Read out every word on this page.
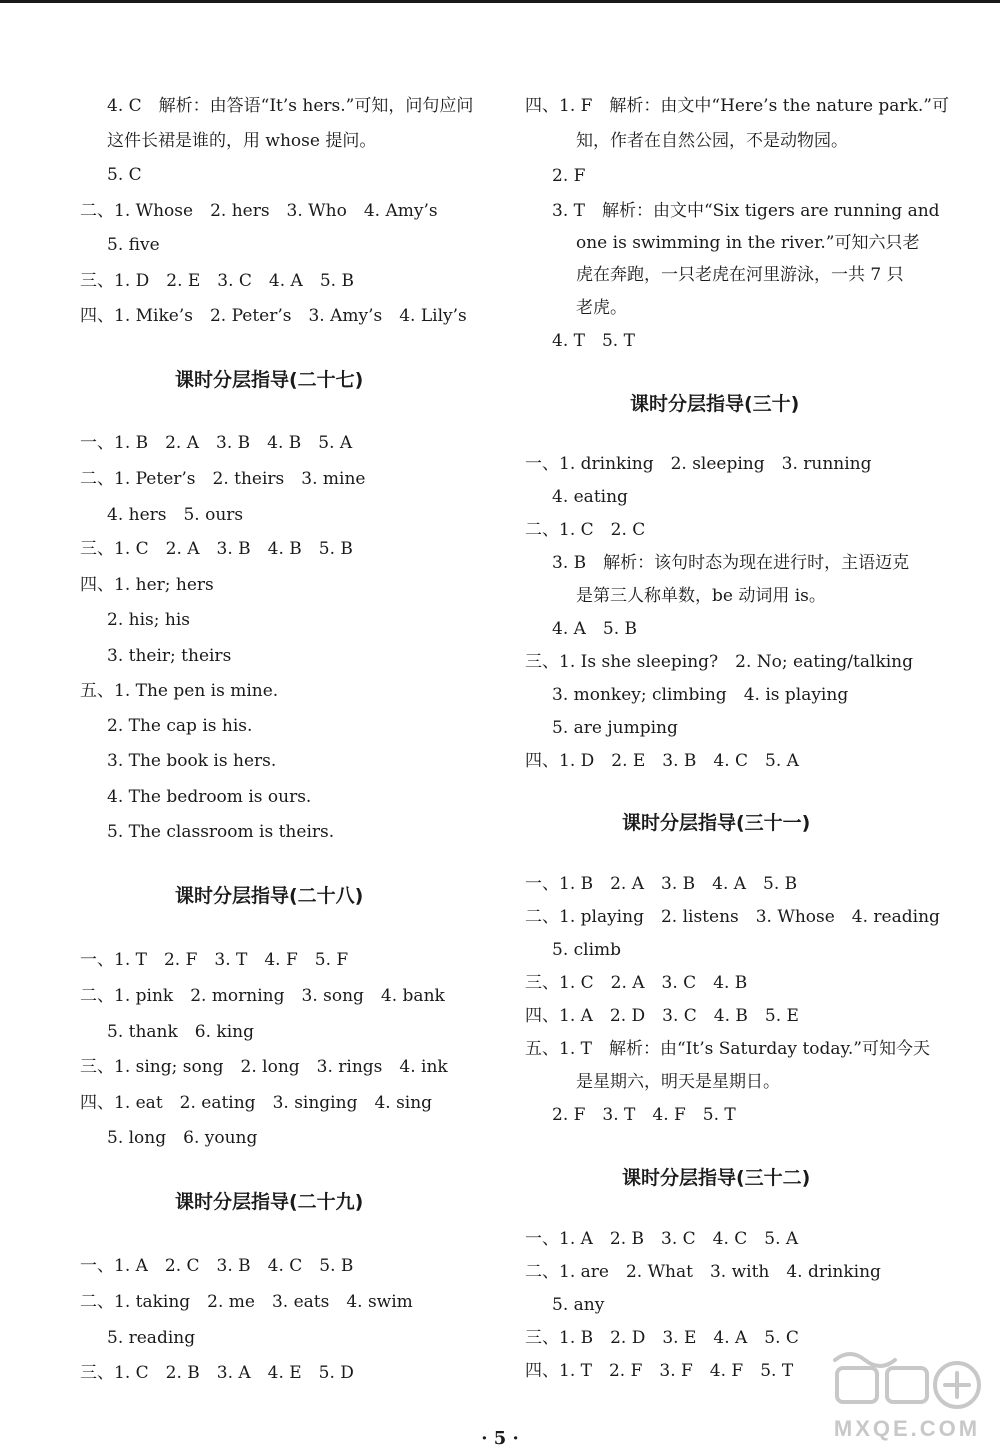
4. C　解析：由答语“It’s hers.”可知，问句应问
这件长裙是谁的，用 whose 提问。
5. C
二、1. Whose　2. hers　3. Who　4. Amy’s
5. five
三、1. D　2. E　3. C　4. A　5. B
四、1. Mike’s　2. Peter’s　3. Amy’s　4. Lily’s
课时分层指导(二十七)
一、1. B　2. A　3. B　4. B　5. A
二、1. Peter’s　2. theirs　3. mine
4. hers　5. ours
三、1. C　2. A　3. B　4. B　5. B
四、1. her; hers
2. his; his
3. their; theirs
五、1. The pen is mine.
2. The cap is his.
3. The book is hers.
4. The bedroom is ours.
5. The classroom is theirs.
课时分层指导(二十八)
一、1. T　2. F　3. T　4. F　5. F
二、1. pink　2. morning　3. song　4. bank
5. thank　6. king
三、1. sing; song　2. long　3. rings　4. ink
四、1. eat　2. eating　3. singing　4. sing
5. long　6. young
课时分层指导(二十九)
一、1. A　2. C　3. B　4. C　5. B
二、1. taking　2. me　3. eats　4. swim
5. reading
三、1. C　2. B　3. A　4. E　5. D
四、1. F　解析：由文中“Here’s the nature park.”可
知，作者在自然公园，不是动物园。
2. F
3. T　解析：由文中“Six tigers are running and
one is swimming in the river.”可知六只老
虎在奔跑，一只老虎在河里游泳，一共 7 只
老虎。
4. T　5. T
课时分层指导(三十)
一、1. drinking　2. sleeping　3. running
4. eating
二、1. C　2. C
3. B　解析：该句时态为现在进行时，主语迈克
是第三人称单数，be 动词用 is。
4. A　5. B
三、1. Is she sleeping?　2. No; eating/talking
3. monkey; climbing　4. is playing
5. are jumping
四、1. D　2. E　3. B　4. C　5. A
课时分层指导(三十一)
一、1. B　2. A　3. B　4. A　5. B
二、1. playing　2. listens　3. Whose　4. reading
5. climb
三、1. C　2. A　3. C　4. B
四、1. A　2. D　3. C　4. B　5. E
五、1. T　解析：由“It’s Saturday today.”可知今天
是星期六，明天是星期日。
2. F　3. T　4. F　5. T
课时分层指导(三十二)
一、1. A　2. B　3. C　4. C　5. A
二、1. are　2. What　3. with　4. drinking
5. any
三、1. B　2. D　3. E　4. A　5. C
四、1. T　2. F　3. F　4. F　5. T
· 5 ·	MXQE.COM
